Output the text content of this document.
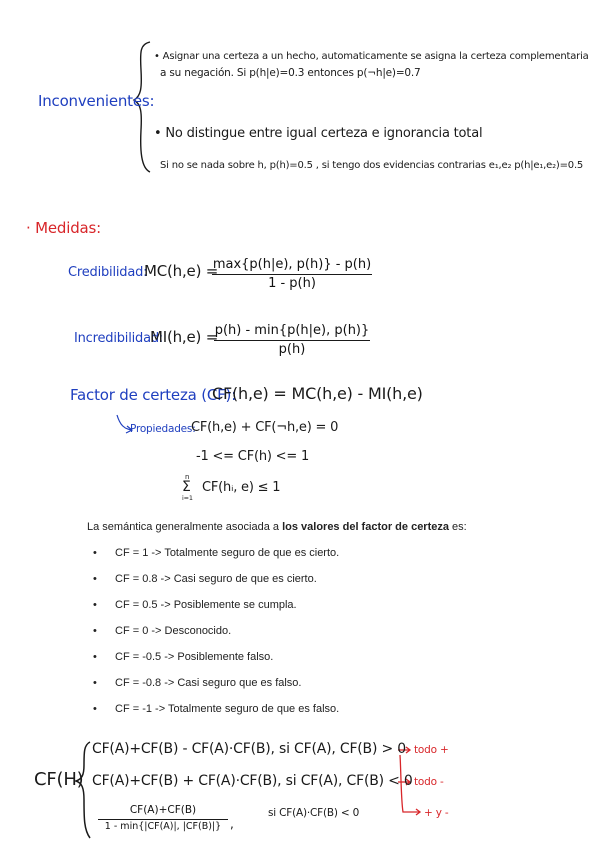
Inconvenientes:
• Asignar una certeza a un hecho, automaticamente se asigna la certeza complementaria
a su negación. Si p(h|e)=0.3 entonces p(¬h|e)=0.7
• No distingue entre igual certeza e ignorancia total
Si no se nada sobre h, p(h)=0.5 , si tengo dos evidencias contrarias e₁,e₂ p(h|e₁,e₂)=0.5
· Medidas:
Credibilidad:
MC(h,e) =
max{p(h|e), p(h)} - p(h)
1 - p(h)
Incredibilidad:
MI(h,e) =
p(h) - min{p(h|e), p(h)}
p(h)
Factor de certeza (CF):
CF(h,e) = MC(h,e) - MI(h,e)
Propiedades:
CF(h,e) + CF(¬h,e) = 0
-1 <= CF(h) <= 1
n
Σ
i=1
CF(hᵢ, e) ≤ 1
La semántica generalmente asociada a los valores del factor de certeza es:
• CF = 1 -> Totalmente seguro de que es cierto.
• CF = 0.8 -> Casi seguro de que es cierto.
• CF = 0.5 -> Posiblemente se cumpla.
• CF = 0 -> Desconocido.
• CF = -0.5 -> Posiblemente falso.
• CF = -0.8 -> Casi seguro que es falso.
• CF = -1 -> Totalmente seguro de que es falso.
CF(H)
CF(A)+CF(B) - CF(A)·CF(B), si CF(A), CF(B) > 0 todo +
CF(A)+CF(B) + CF(A)·CF(B), si CF(A), CF(B) < 0 todo -
CF(A)+CF(B)
1 - min{|CF(A)|, |CF(B)|} ,
si CF(A)·CF(B) < 0	+ y -
